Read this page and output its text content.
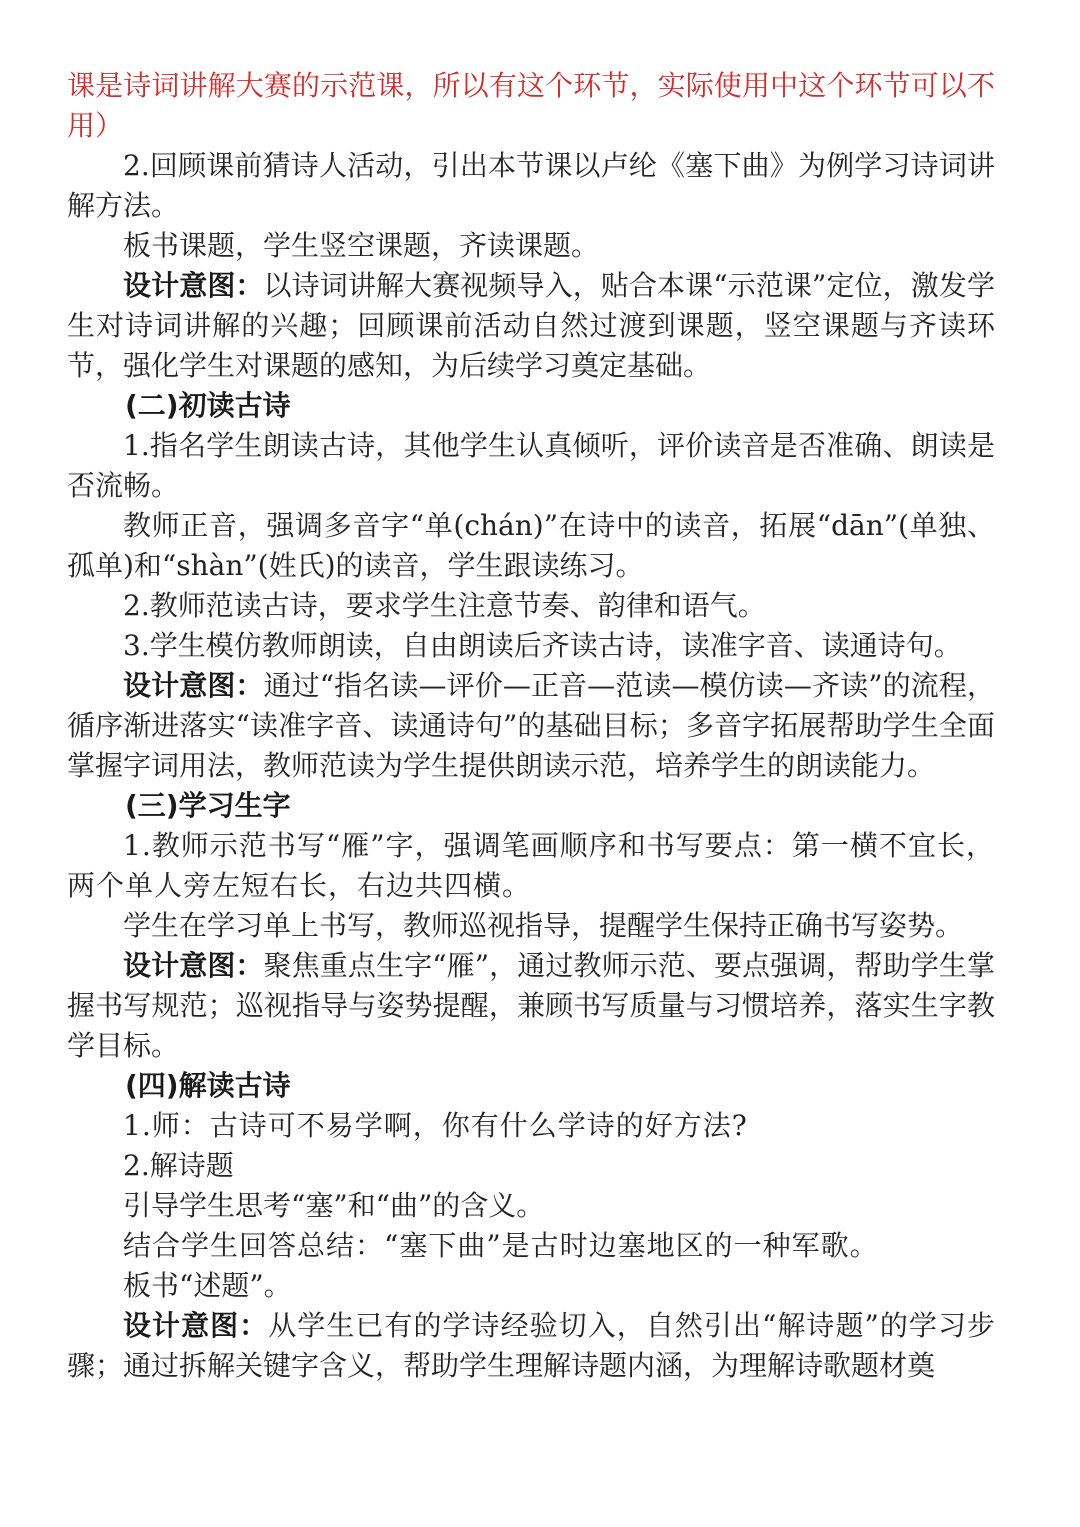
课是诗词讲解大赛的示范课，所以有这个环节，实际使用中这个环节可以不用）

2.回顾课前猜诗人活动，引出本节课以卢纶《塞下曲》为例学习诗词讲解方法。

板书课题，学生竖空课题，齐读课题。

设计意图：以诗词讲解大赛视频导入，贴合本课“示范课”定位，激发学生对诗词讲解的兴趣；回顾课前活动自然过渡到课题，竖空课题与齐读环节，强化学生对课题的感知，为后续学习奠定基础。

(二)初读古诗

1.指名学生朗读古诗，其他学生认真倾听，评价读音是否准确、朗读是否流畅。

教师正音，强调多音字“单(chán)”在诗中的读音，拓展“dān”(单独、孤单)和“shàn”(姓氏)的读音，学生跟读练习。

2.教师范读古诗，要求学生注意节奏、韵律和语气。

3.学生模仿教师朗读，自由朗读后齐读古诗，读准字音、读通诗句。

设计意图：通过“指名读—评价—正音—范读—模仿读—齐读”的流程，循序渐进落实“读准字音、读通诗句”的基础目标；多音字拓展帮助学生全面掌握字词用法，教师范读为学生提供朗读示范，培养学生的朗读能力。

(三)学习生字

1.教师示范书写“雁”字，强调笔画顺序和书写要点：第一横不宜长，两个单人旁左短右长，右边共四横。

学生在学习单上书写，教师巡视指导，提醒学生保持正确书写姿势。

设计意图：聚焦重点生字“雁”，通过教师示范、要点强调，帮助学生掌握书写规范；巡视指导与姿势提醒，兼顾书写质量与习惯培养，落实生字教学目标。

(四)解读古诗

1.师：古诗可不易学啊，你有什么学诗的好方法?

2.解诗题

引导学生思考“塞”和“曲”的含义。

结合学生回答总结：“塞下曲”是古时边塞地区的一种军歌。

板书“述题”。

设计意图：从学生已有的学诗经验切入，自然引出“解诗题”的学习步骤；通过拆解关键字含义，帮助学生理解诗题内涵，为理解诗歌题材奠
